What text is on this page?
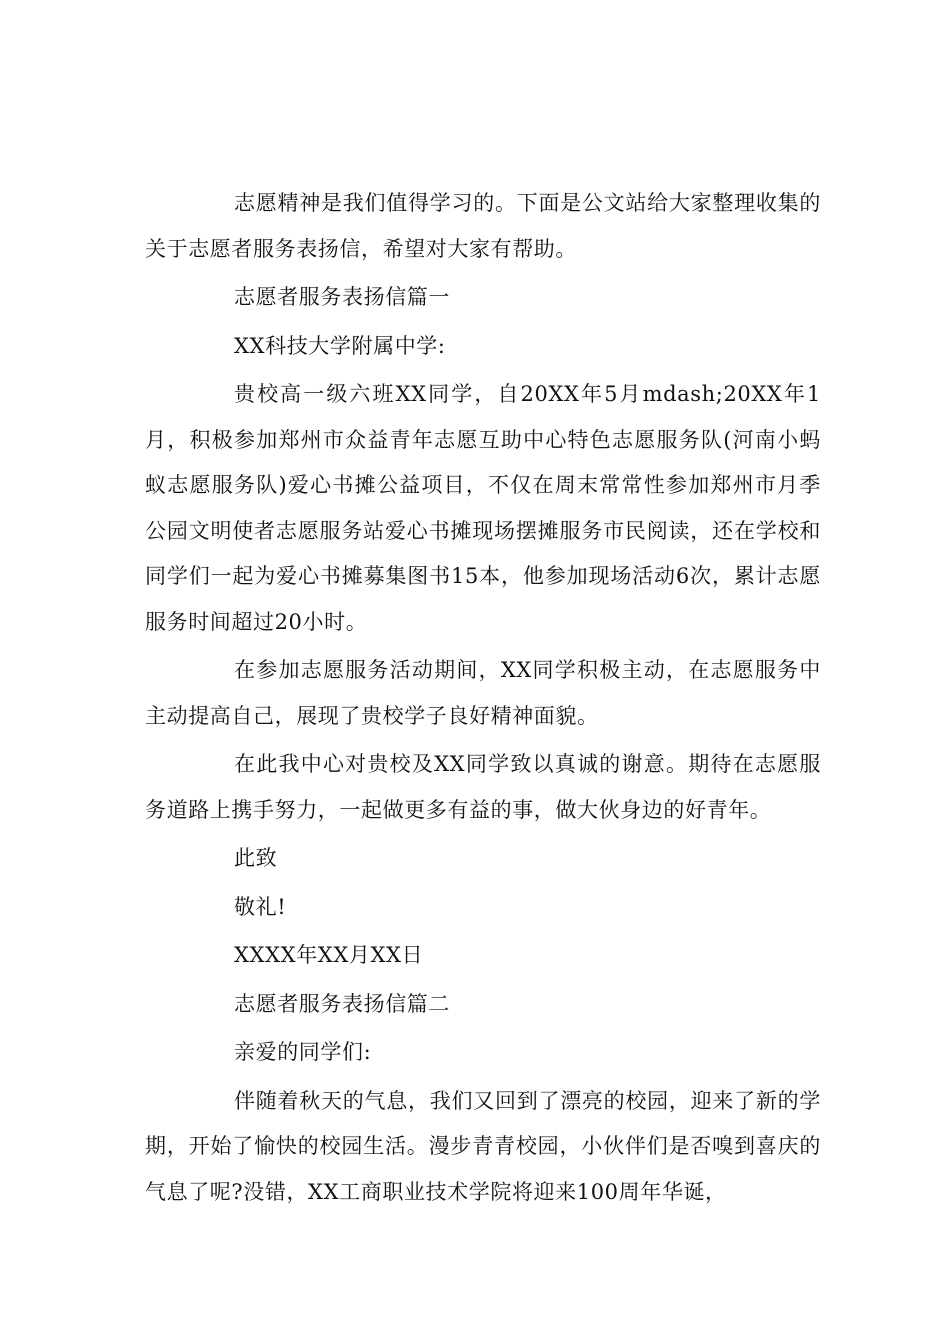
志愿精神是我们值得学习的。下面是公文站给大家整理收集的关于志愿者服务表扬信，希望对大家有帮助。

志愿者服务表扬信篇一

XX科技大学附属中学:

贵校高一级六班XX同学，自20XX年5月mdash;20XX年1月，积极参加郑州市众益青年志愿互助中心特色志愿服务队(河南小蚂蚁志愿服务队)爱心书摊公益项目，不仅在周末常常性参加郑州市月季公园文明使者志愿服务站爱心书摊现场摆摊服务市民阅读，还在学校和同学们一起为爱心书摊募集图书15本，他参加现场活动6次，累计志愿服务时间超过20小时。

在参加志愿服务活动期间，XX同学积极主动，在志愿服务中主动提高自己，展现了贵校学子良好精神面貌。

在此我中心对贵校及XX同学致以真诚的谢意。期待在志愿服务道路上携手努力，一起做更多有益的事，做大伙身边的好青年。

此致

敬礼!

XXXX年XX月XX日

志愿者服务表扬信篇二

亲爱的同学们:

伴随着秋天的气息，我们又回到了漂亮的校园，迎来了新的学期，开始了愉快的校园生活。漫步青青校园，小伙伴们是否嗅到喜庆的气息了呢?没错，XX工商职业技术学院将迎来100周年华诞，
